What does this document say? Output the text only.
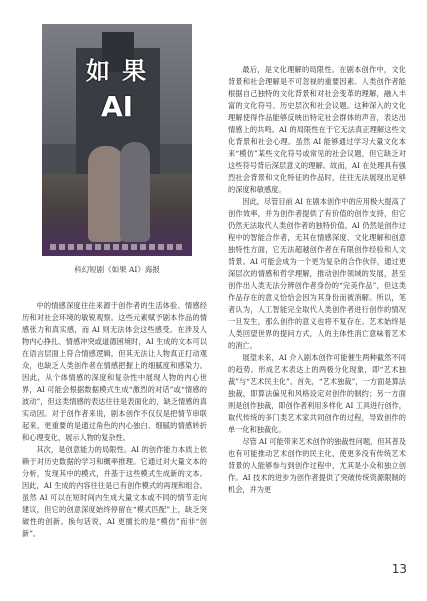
如 果
AI
科幻短剧《如果 AI》海报

中的情感深度往往来源于创作者的生活体验、情感经历和对社会环境的敏锐观察。这些元素赋予剧本作品的情感张力和真实感，而 AI 则无法体会这些感受。在涉及人物内心挣扎、情感冲突或道德困境时，AI 生成的文本可以在语言层面上符合情感逻辑，但其无法让人物真正打动观众，也缺乏人类创作者在情感把握上的细腻度和感染力。因此，从个体情感的深度和复杂性中展现人物的内心世界，AI 可能会根据数据模式生成“激烈的对话”或“情感的波动”，但这类情感的表达往往是表面化的，缺乏情感的真实动因。对于创作者来说，剧本创作不仅仅是把情节串联起来，更重要的是通过角色的内心独白、细腻的情感转折和心理变化，展示人物的复杂性。

其次，是创意能力的局限性。AI 的创作能力本质上依赖于对历史数据的学习和概率推理。它通过对大量文本的分析，发现其中的模式，并基于这些模式生成新的文本。因此，AI 生成的内容往往是已有创作模式的再现和组合。虽然 AI 可以在短时间内生成大量文本或不同的情节走向建议，但它的创意深度始终停留在“模式匹配”上，缺乏突破性的创新。换句话说，AI 更擅长的是“模仿”而非“创新”。

最后，是文化理解的局限性。在剧本创作中，文化背景和社会理解是不可忽视的重要因素。人类创作者能根据自己独特的文化背景和对社会变革的理解，融入丰富的文化符号、历史层次和社会议题。这种深入的文化理解使得作品能够反映出特定社会群体的声音，表达出情感上的共鸣。AI 的局限性在于它无法真正理解这些文化背景和社会心理。虽然 AI 能够通过学习大量文化本来“模仿”某些文化符号或常见的社会议题，但它缺乏对这些符号背后深层意义的理解。故而，AI 在处理具有强烈社会背景和文化特征的作品时，往往无法展现出足够的深度和敏感度。

因此，尽管目前 AI 在剧本创作中的应用极大提高了创作效率，并为创作者提供了有价值的创作支持，但它仍然无法取代人类创作者的独特价值。AI 仍然是创作过程中的智能合作者，无其在情感深度、文化理解和创意独特性方面，它无法超越创作者在有限创作经验和人文背景。AI 可能会成为一个更为复杂的合作伙伴，通过更深层次的情感和哲学理解，推动创作领域的发展，甚至创作出人类无法分辨创作者身份的“完美作品”，但这类作品存在的意义恰恰会因为其身份而被消解。所以，笔者认为，人工智能完全取代人类创作者进行创作的情况一旦发生，那么创作的意义也将不复存在。艺术始终是人类回望世界的提问方式，人的主体性消亡意味着艺术的消亡。

展望未来，AI 介入剧本创作可能催生两种截然不同的趋势。形成艺术表达上的两极分化现象，即“艺术独裁”与“艺术民主化”。首先，“艺术独裁”，一方面是算法独裁，即算法偏见和风格设定对创作的制约；另一方面则是创作独裁，即创作者利用多样化 AI 工具进行创作，取代传统的多门类艺术家共同创作的过程，导致创作的单一化和独裁化。

尽管 AI 可能带来艺术创作的独裁性问题，但其普及也有可能推动艺术创作的民主化，使更多没有传统艺术背景的人能够参与到创作过程中，尤其是小众和独立创作。AI 技术的进步为创作者提供了突破传统资源限制的机会，并为更

13
